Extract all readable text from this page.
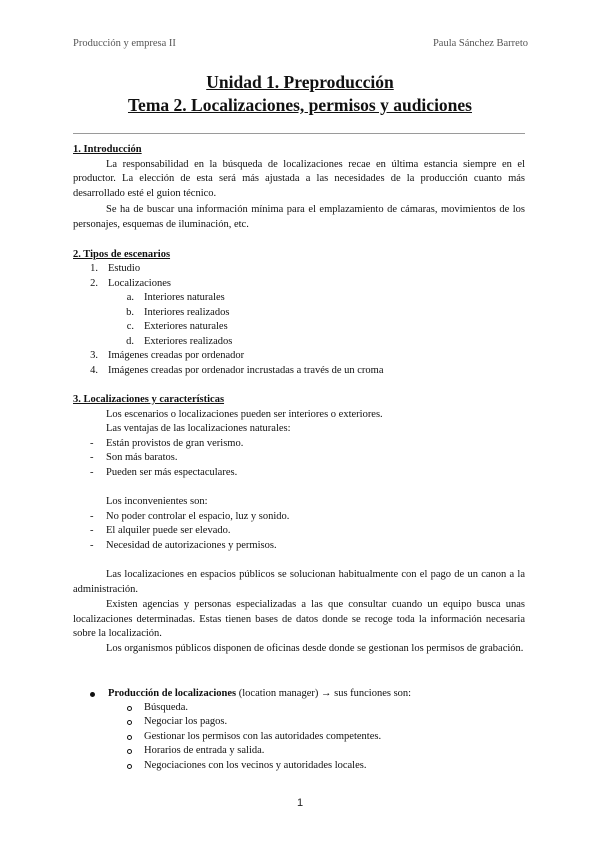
Producción y empresa II	Paula Sánchez Barreto
Unidad 1. Preproducción
Tema 2. Localizaciones, permisos y audiciones
1. Introducción

La responsabilidad en la búsqueda de localizaciones recae en última estancia siempre en el productor. La elección de esta será más ajustada a las necesidades de la producción cuanto más desarrollado esté el guion técnico.

Se ha de buscar una información mínima para el emplazamiento de cámaras, movimientos de los personajes, esquemas de iluminación, etc.

2. Tipos de escenarios
1. Estudio
2. Localizaciones
a. Interiores naturales
b. Interiores realizados
c. Exteriores naturales
d. Exteriores realizados
3. Imágenes creadas por ordenador
4. Imágenes creadas por ordenador incrustadas a través de un croma
3. Localizaciones y características
Los escenarios o localizaciones pueden ser interiores o exteriores.
Las ventajas de las localizaciones naturales:
- Están provistos de gran verismo.
- Son más baratos.
- Pueden ser más espectaculares.
Los inconvenientes son:
- No poder controlar el espacio, luz y sonido.
- El alquiler puede ser elevado.
- Necesidad de autorizaciones y permisos.
Las localizaciones en espacios públicos se solucionan habitualmente con el pago de un canon a la administración.
Existen agencias y personas especializadas a las que consultar cuando un equipo busca unas localizaciones determinadas. Estas tienen bases de datos donde se recoge toda la información necesaria sobre la localización.
Los organismos públicos disponen de oficinas desde donde se gestionan los permisos de grabación.
Producción de localizaciones (location manager) → sus funciones son:
Búsqueda.
Negociar los pagos.
Gestionar los permisos con las autoridades competentes.
Horarios de entrada y salida.
Negociaciones con los vecinos y autoridades locales.
1
